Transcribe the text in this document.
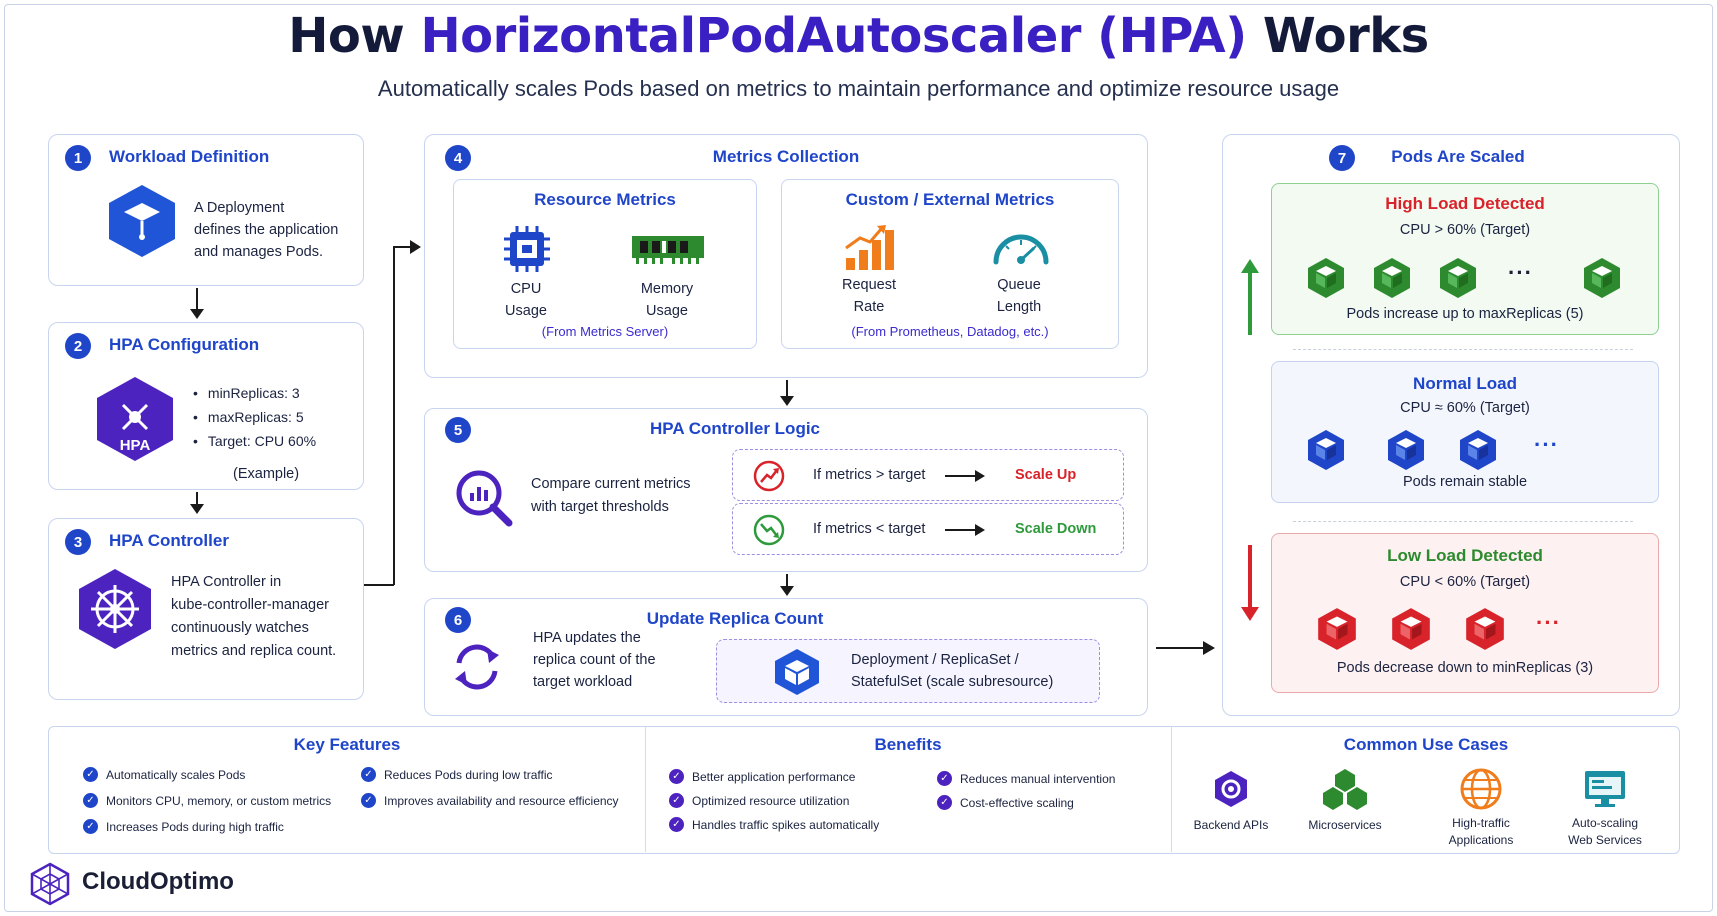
How HorizontalPodAutoscaler (HPA) Works
Automatically scales Pods based on metrics to maintain performance and optimize resource usage
1	Workload Definition
A Deployment
defines the application
and manages Pods.
2	HPA Configuration
HPA
• minReplicas: 3
• maxReplicas: 5
• Target: CPU 60%
(Example)
3	HPA Controller
HPA Controller in
kube-controller-manager
continuously watches
metrics and replica count.
4	Metrics Collection
Resource Metrics
CPU
Usage
Memory
Usage
(From Metrics Server)
Custom / External Metrics
Request
Rate
Queue
Length
(From Prometheus, Datadog, etc.)
5	HPA Controller Logic
Compare current metrics
with target thresholds
If metrics > target	Scale Up
If metrics < target	Scale Down
6	Update Replica Count
HPA updates the
replica count of the
target workload
Deployment / ReplicaSet /
StatefulSet (scale subresource)
7	Pods Are Scaled
High Load Detected
CPU > 60% (Target)
···
Pods increase up to maxReplicas (5)
Normal Load
CPU ≈ 60% (Target)
···
Pods remain stable
Low Load Detected
CPU < 60% (Target)
···
Pods decrease down to minReplicas (3)
Key Features
✓ Automatically scales Pods
✓ Monitors CPU, memory, or custom metrics
✓ Increases Pods during high traffic
✓ Reduces Pods during low traffic
✓ Improves availability and resource efficiency
Benefits
✓ Better application performance
✓ Optimized resource utilization
✓ Handles traffic spikes automatically
✓ Reduces manual intervention
✓ Cost-effective scaling
Common Use Cases
Backend APIs	Microservices	High-traffic
Applications
Auto-scaling
Web Services
CloudOptimo
